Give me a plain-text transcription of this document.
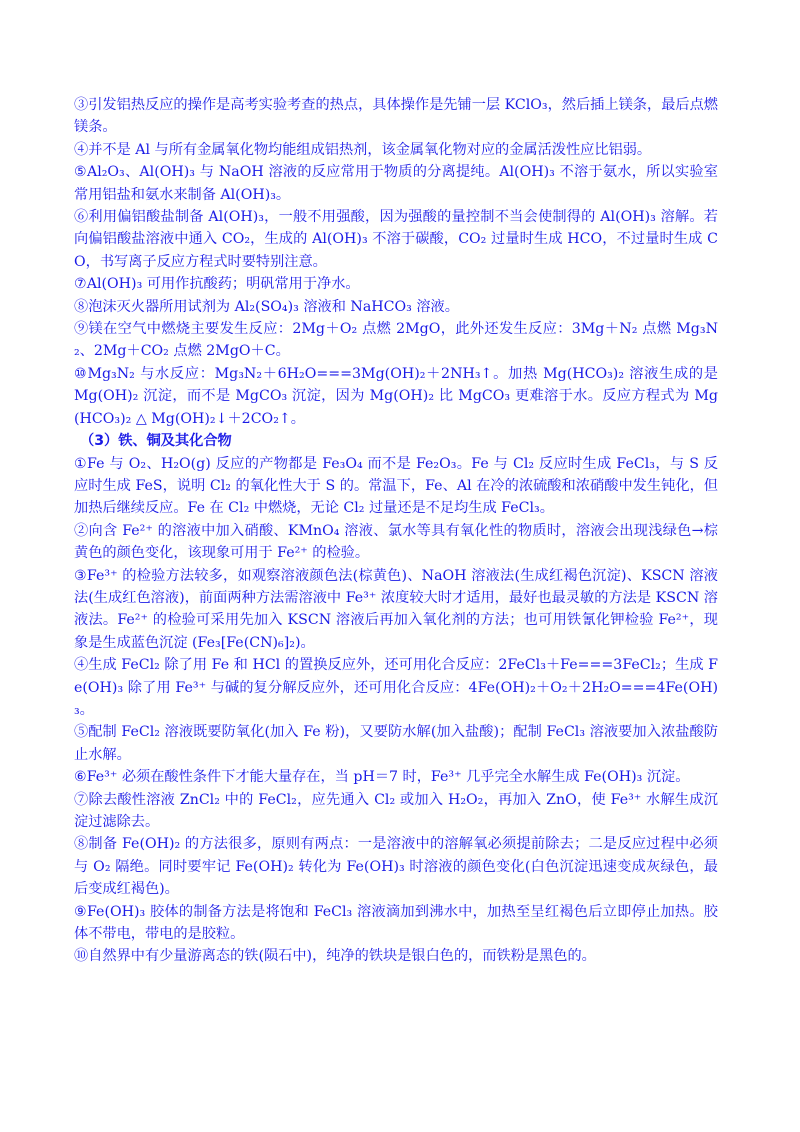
③引发铝热反应的操作是高考实验考查的热点，具体操作是先铺一层 KClO₃，然后插上镁条，最后点燃镁条。

④并不是 Al 与所有金属氧化物均能组成铝热剂，该金属氧化物对应的金属活泼性应比铝弱。

⑤Al₂O₃、Al(OH)₃ 与 NaOH 溶液的反应常用于物质的分离提纯。Al(OH)₃ 不溶于氨水，所以实验室常用铝盐和氨水来制备 Al(OH)₃。

⑥利用偏铝酸盐制备 Al(OH)₃，一般不用强酸，因为强酸的量控制不当会使制得的 Al(OH)₃ 溶解。若向偏铝酸盐溶液中通入 CO₂，生成的 Al(OH)₃ 不溶于碳酸，CO₂ 过量时生成 HCO，不过量时生成 CO，书写离子反应方程式时要特别注意。

⑦Al(OH)₃ 可用作抗酸药；明矾常用于净水。

⑧泡沫灭火器所用试剂为 Al₂(SO₄)₃ 溶液和 NaHCO₃ 溶液。

⑨镁在空气中燃烧主要发生反应：2Mg＋O₂ 点燃 2MgO，此外还发生反应：3Mg＋N₂ 点燃 Mg₃N₂、2Mg＋CO₂ 点燃 2MgO＋C。

⑩Mg₃N₂ 与水反应：Mg₃N₂＋6H₂O===3Mg(OH)₂＋2NH₃↑。加热 Mg(HCO₃)₂ 溶液生成的是 Mg(OH)₂ 沉淀，而不是 MgCO₃ 沉淀，因为 Mg(OH)₂ 比 MgCO₃ 更难溶于水。反应方程式为 Mg(HCO₃)₂ △ Mg(OH)₂↓＋2CO₂↑。

（3）铁、铜及其化合物

①Fe 与 O₂、H₂O(g) 反应的产物都是 Fe₃O₄ 而不是 Fe₂O₃。Fe 与 Cl₂ 反应时生成 FeCl₃，与 S 反应时生成 FeS，说明 Cl₂ 的氧化性大于 S 的。常温下，Fe、Al 在冷的浓硫酸和浓硝酸中发生钝化，但加热后继续反应。Fe 在 Cl₂ 中燃烧，无论 Cl₂ 过量还是不足均生成 FeCl₃。

②向含 Fe²⁺ 的溶液中加入硝酸、KMnO₄ 溶液、氯水等具有氧化性的物质时，溶液会出现浅绿色→棕黄色的颜色变化，该现象可用于 Fe²⁺ 的检验。

③Fe³⁺ 的检验方法较多，如观察溶液颜色法(棕黄色)、NaOH 溶液法(生成红褐色沉淀)、KSCN 溶液法(生成红色溶液)，前面两种方法需溶液中 Fe³⁺ 浓度较大时才适用，最好也最灵敏的方法是 KSCN 溶液法。Fe²⁺ 的检验可采用先加入 KSCN 溶液后再加入氧化剂的方法；也可用铁氰化钾检验 Fe²⁺，现象是生成蓝色沉淀 (Fe₃[Fe(CN)₆]₂)。

④生成 FeCl₂ 除了用 Fe 和 HCl 的置换反应外，还可用化合反应：2FeCl₃＋Fe===3FeCl₂；生成 Fe(OH)₃ 除了用 Fe³⁺ 与碱的复分解反应外，还可用化合反应：4Fe(OH)₂＋O₂＋2H₂O===4Fe(OH)₃。

⑤配制 FeCl₂ 溶液既要防氧化(加入 Fe 粉)，又要防水解(加入盐酸)；配制 FeCl₃ 溶液要加入浓盐酸防止水解。

⑥Fe³⁺ 必须在酸性条件下才能大量存在，当 pH＝7 时，Fe³⁺ 几乎完全水解生成 Fe(OH)₃ 沉淀。

⑦除去酸性溶液 ZnCl₂ 中的 FeCl₂，应先通入 Cl₂ 或加入 H₂O₂，再加入 ZnO，使 Fe³⁺ 水解生成沉淀过滤除去。

⑧制备 Fe(OH)₂ 的方法很多，原则有两点：一是溶液中的溶解氧必须提前除去；二是反应过程中必须与 O₂ 隔绝。同时要牢记 Fe(OH)₂ 转化为 Fe(OH)₃ 时溶液的颜色变化(白色沉淀迅速变成灰绿色，最后变成红褐色)。

⑨Fe(OH)₃ 胶体的制备方法是将饱和 FeCl₃ 溶液滴加到沸水中，加热至呈红褐色后立即停止加热。胶体不带电，带电的是胶粒。

⑩自然界中有少量游离态的铁(陨石中)，纯净的铁块是银白色的，而铁粉是黑色的。
